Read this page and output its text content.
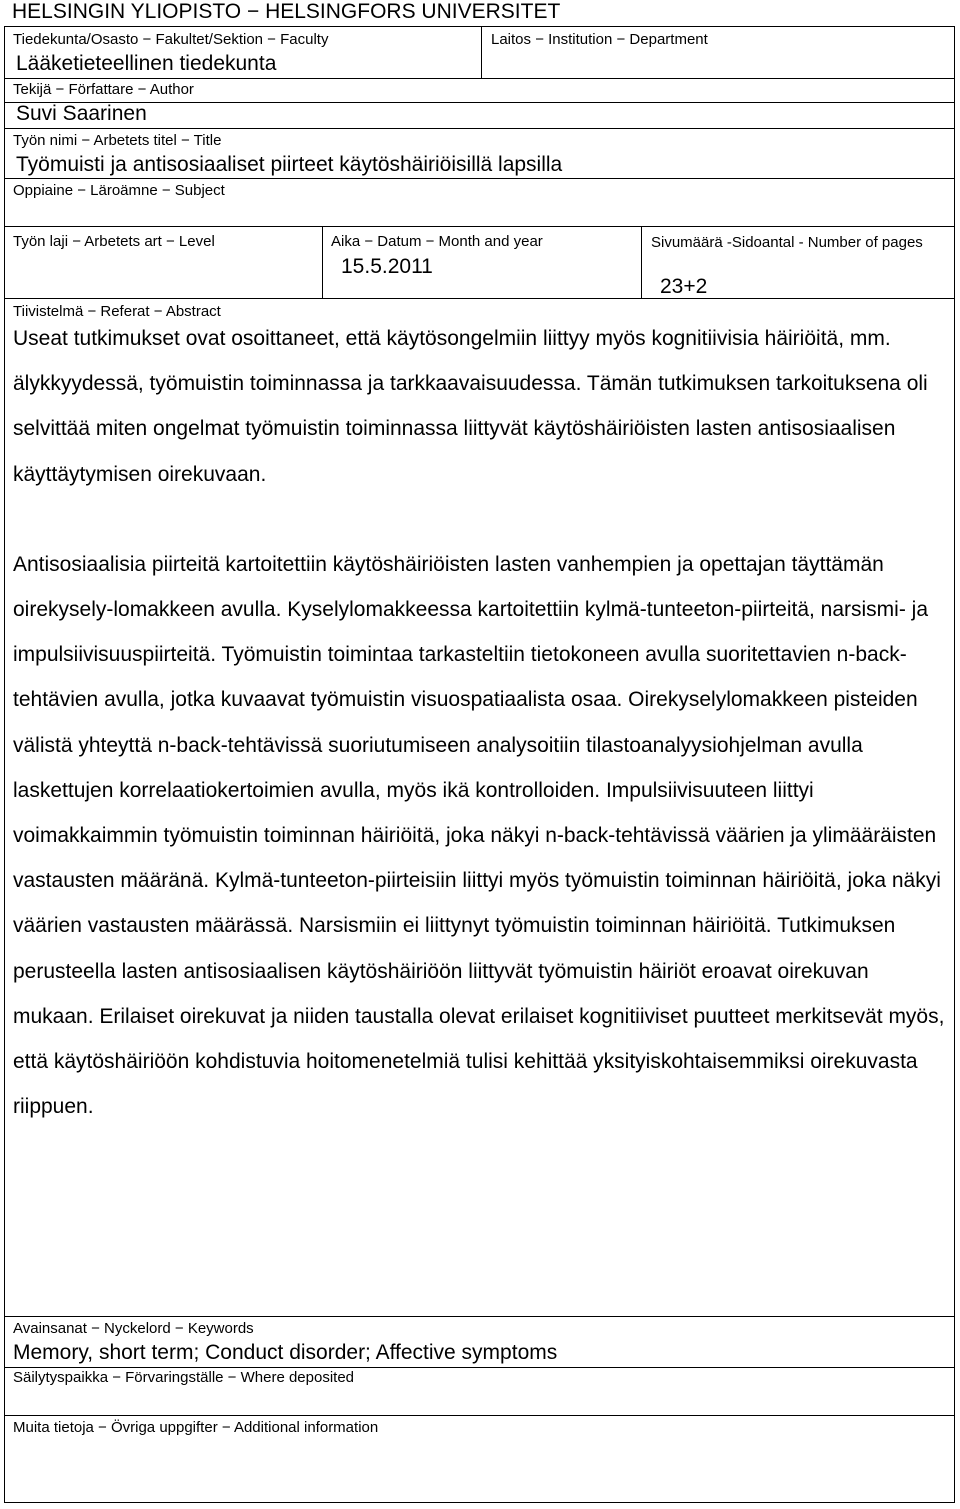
HELSINGIN YLIOPISTO − HELSINGFORS UNIVERSITET
Tiedekunta/Osasto − Fakultet/Sektion − Faculty
Lääketieteellinen tiedekunta
Laitos − Institution − Department
Tekijä − Författare − Author
Suvi Saarinen
Työn nimi − Arbetets titel − Title
Työmuisti ja antisosiaaliset piirteet käytöshäiriöisillä lapsilla
Oppiaine − Läroämne − Subject
Työn laji − Arbetets art − Level	Aika − Datum − Month and year
15.5.2011
Sivumäärä -Sidoantal - Number of pages
23+2
Tiivistelmä − Referat − Abstract

Useat tutkimukset ovat osoittaneet, että käytösongelmiin liittyy myös kognitiivisia häiriöitä, mm. älykkyydessä, työmuistin toiminnassa ja tarkkaavaisuudessa. Tämän tutkimuksen tarkoituksena oli selvittää miten ongelmat työmuistin toiminnassa liittyvät käytöshäiriöisten lasten antisosiaalisen käyttäytymisen oirekuvaan.

Antisosiaalisia piirteitä kartoitettiin käytöshäiriöisten lasten vanhempien ja opettajan täyttämän oirekysely-lomakkeen avulla. Kyselylomakkeessa kartoitettiin kylmä-tunteeton-piirteitä, narsismi- ja impulsiivisuuspiirteitä. Työmuistin toimintaa tarkasteltiin tietokoneen avulla suoritettavien n-back-tehtävien avulla, jotka kuvaavat työmuistin visuospatiaalista osaa. Oirekyselylomakkeen pisteiden välistä yhteyttä n-back-tehtävissä suoriutumiseen analysoitiin tilastoanalyysiohjelman avulla laskettujen korrelaatiokertoimien avulla, myös ikä kontrolloiden. Impulsiivisuuteen liittyi voimakkaimmin työmuistin toiminnan häiriöitä, joka näkyi n-back-tehtävissä väärien ja ylimääräisten vastausten määränä. Kylmä-tunteeton-piirteisiin liittyi myös työmuistin toiminnan häiriöitä, joka näkyi väärien vastausten määrässä. Narsismiin ei liittynyt työmuistin toiminnan häiriöitä. Tutkimuksen perusteella lasten antisosiaalisen käytöshäiriöön liittyvät työmuistin häiriöt eroavat oirekuvan mukaan. Erilaiset oirekuvat ja niiden taustalla olevat erilaiset kognitiiviset puutteet merkitsevät myös, että käytöshäiriöön kohdistuvia hoitomenetelmiä tulisi kehittää yksityiskohtaisemmiksi oirekuvasta riippuen.

Avainsanat − Nyckelord − Keywords
Memory, short term; Conduct disorder; Affective symptoms
Säilytyspaikka − Förvaringställe − Where deposited
Muita tietoja − Övriga uppgifter − Additional information
